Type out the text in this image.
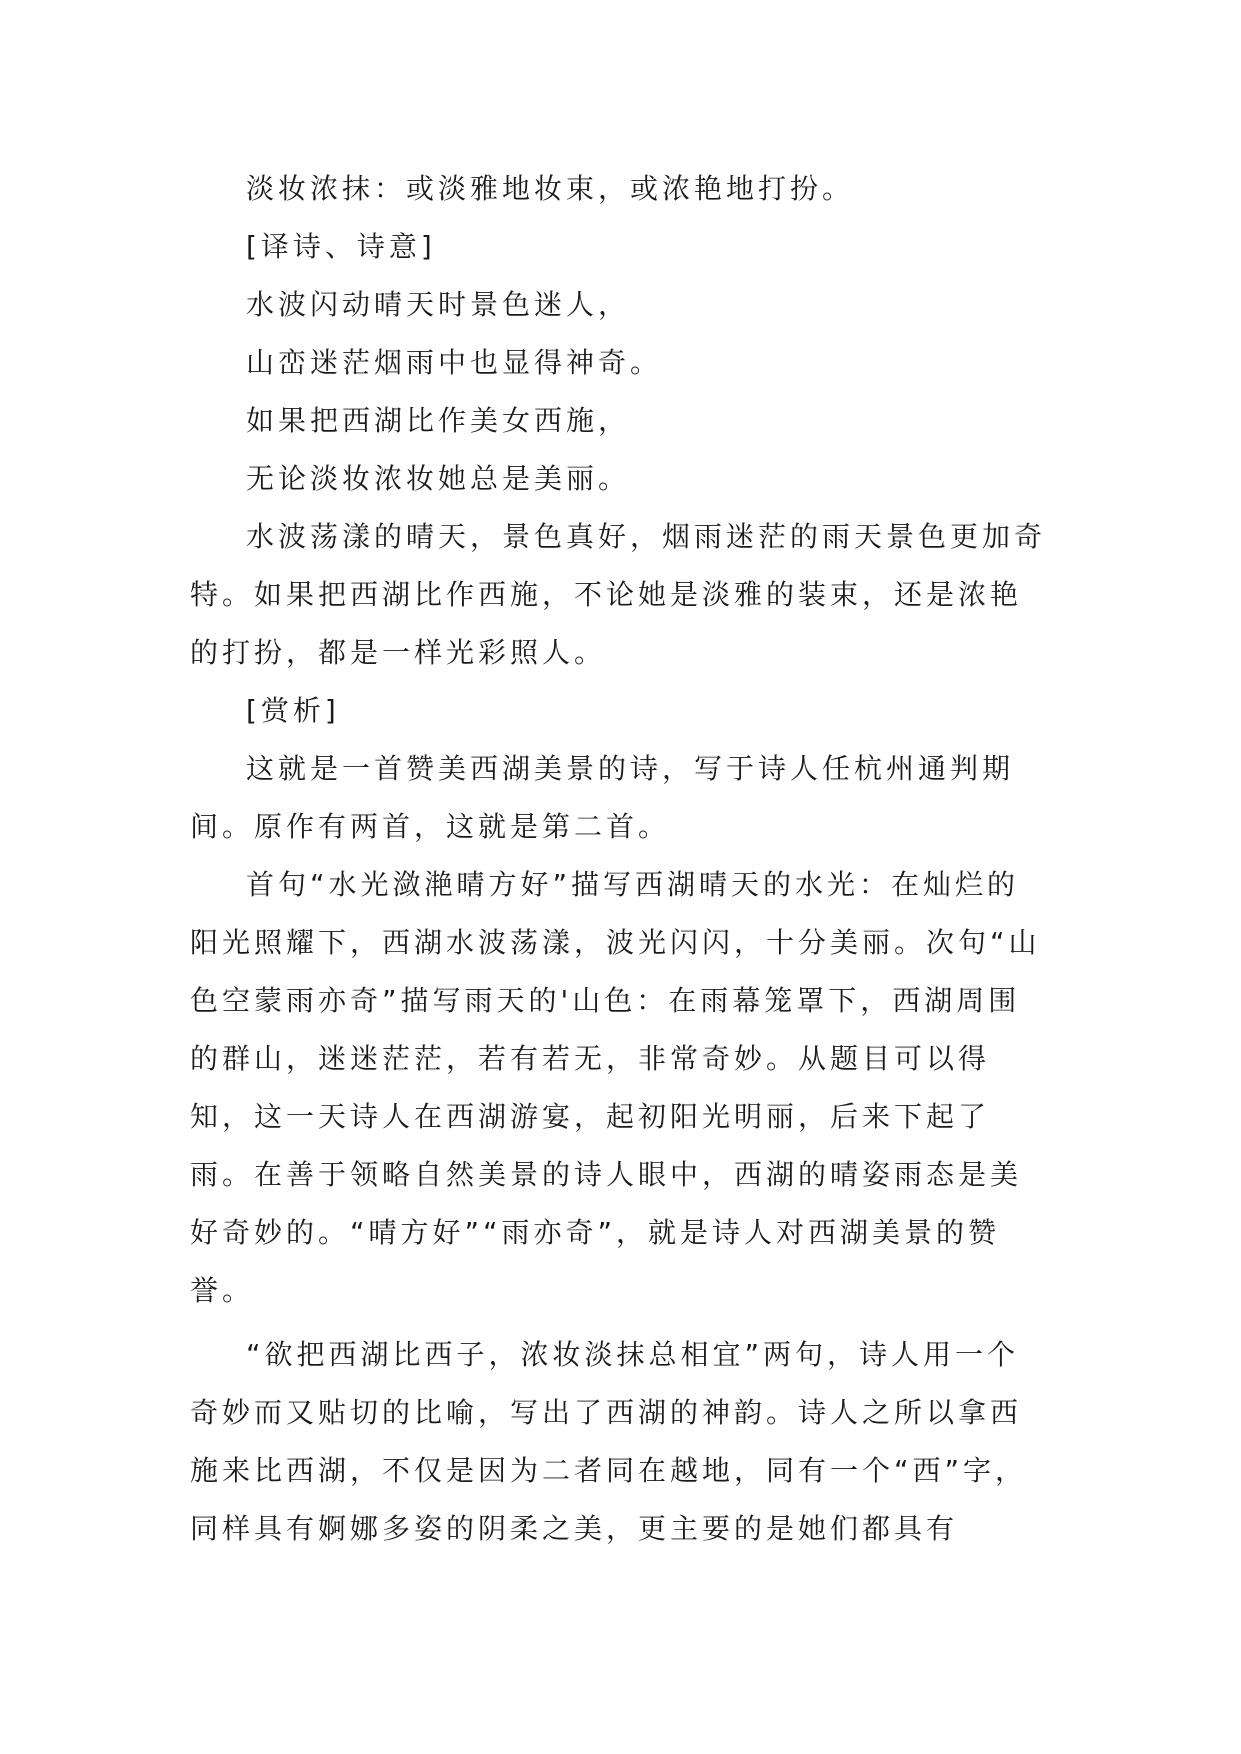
淡妆浓抹：或淡雅地妆束，或浓艳地打扮。

[译诗、诗意]

水波闪动晴天时景色迷人，

山峦迷茫烟雨中也显得神奇。

如果把西湖比作美女西施，

无论淡妆浓妆她总是美丽。

水波荡漾的晴天，景色真好，烟雨迷茫的雨天景色更加奇特。如果把西湖比作西施，不论她是淡雅的装束，还是浓艳的打扮，都是一样光彩照人。

[赏析]

这就是一首赞美西湖美景的诗，写于诗人任杭州通判期间。原作有两首，这就是第二首。

首句“水光潋滟晴方好”描写西湖晴天的水光：在灿烂的阳光照耀下，西湖水波荡漾，波光闪闪，十分美丽。次句“山色空蒙雨亦奇”描写雨天的'山色：在雨幕笼罩下，西湖周围的群山，迷迷茫茫，若有若无，非常奇妙。从题目可以得知，这一天诗人在西湖游宴，起初阳光明丽，后来下起了雨。在善于领略自然美景的诗人眼中，西湖的晴姿雨态是美好奇妙的。“晴方好”“雨亦奇”，就是诗人对西湖美景的赞誉。

“欲把西湖比西子，浓妆淡抹总相宜”两句，诗人用一个奇妙而又贴切的比喻，写出了西湖的神韵。诗人之所以拿西施来比西湖，不仅是因为二者同在越地，同有一个“西”字，同样具有婀娜多姿的阴柔之美，更主要的是她们都具有
